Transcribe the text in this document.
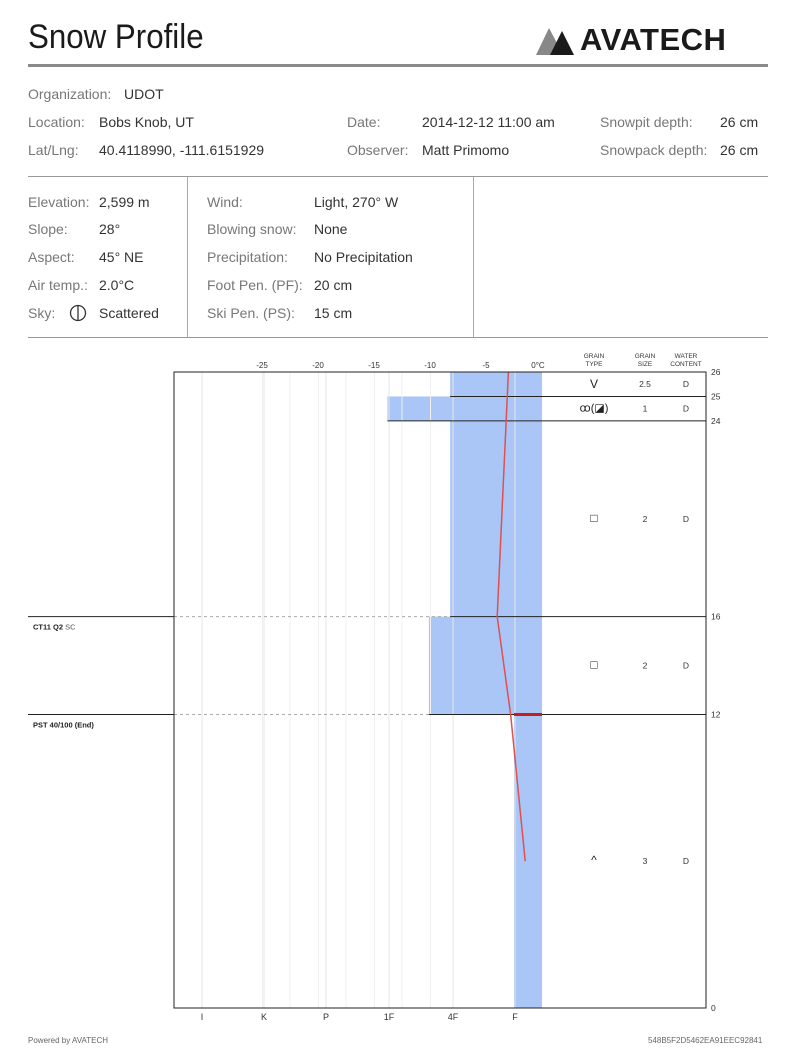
Snow Profile	AVATECH
Organization: UDOT
Location: Bobs Knob, UT	Date:	2014-12-12 11:00 am	Snowpit depth: 26 cm
Lat/Lng: 40.4118990, -111.6151929	Observer: Matt Primomo	Snowpack depth: 26 cm
Elevation: 2,599 m
Slope: 28°
Aspect: 45° NE
Air temp.: 2.0°C
Sky:	Scattered
Wind:	Light, 270° W
Blowing snow: None
Precipitation: No Precipitation
Foot Pen. (PF): 20 cm
Ski Pen. (PS): 15 cm
-25	-20	-15	-10	-5	0°C
I	K	P	1F	4F	F
26
25
24
16
12
0
GRAIN
TYPE
GRAIN
SIZE
WATER
CONTENT
V	2.5	D
ꝏ(◪)	1	D
□	2	D
□	2	D
^	3	D
CT11 Q2 SC
PST 40/100 (End)
Powered by AVATECH	548B5F2D5462EA91EEC92841
